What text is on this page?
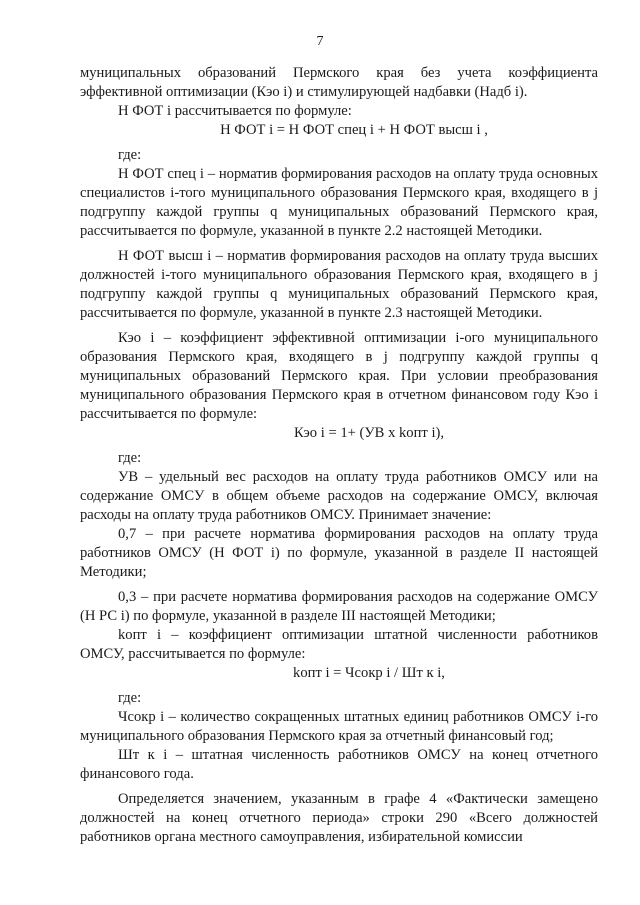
7

муниципальных образований Пермского края без учета коэффициента эффективной оптимизации (Кэо i) и стимулирующей надбавки (Надб i).

Н ФОТ i рассчитывается по формуле:

Н ФОТ i = Н ФОТ спец i + Н ФОТ высш i ,

где:

Н ФОТ спец i – норматив формирования расходов на оплату труда основных специалистов i-того муниципального образования Пермского края, входящего в j подгруппу каждой группы q муниципальных образований Пермского края, рассчитывается по формуле, указанной в пункте 2.2 настоящей Методики.

Н ФОТ высш i – норматив формирования расходов на оплату труда высших должностей i-того муниципального образования Пермского края, входящего в j подгруппу каждой группы q муниципальных образований Пермского края, рассчитывается по формуле, указанной в пункте 2.3 настоящей Методики.

Кэо i – коэффициент эффективной оптимизации i-ого муниципального образования Пермского края, входящего в j подгруппу каждой группы q муниципальных образований Пермского края. При условии преобразования муниципального образования Пермского края в отчетном финансовом году Кэо i рассчитывается по формуле:

Кэо i = 1+ (УВ х kопт i),

где:

УВ – удельный вес расходов на оплату труда работников ОМСУ или на содержание ОМСУ в общем объеме расходов на содержание ОМСУ, включая расходы на оплату труда работников ОМСУ. Принимает значение:

0,7 – при расчете норматива формирования расходов на оплату труда работников ОМСУ (Н ФОТ i) по формуле, указанной в разделе II настоящей Методики;

0,3 – при расчете норматива формирования расходов на содержание ОМСУ (Н РС i) по формуле, указанной в разделе III настоящей Методики;

kопт i – коэффициент оптимизации штатной численности работников ОМСУ, рассчитывается по формуле:

kопт i = Чсокр i / Шт к i,

где:

Чсокр i – количество сокращенных штатных единиц работников ОМСУ i-го муниципального образования Пермского края за отчетный финансовый год;

Шт к i – штатная численность работников ОМСУ на конец отчетного финансового года.

Определяется значением, указанным в графе 4 «Фактически замещено должностей на конец отчетного периода» строки 290 «Всего должностей работников органа местного самоуправления, избирательной комиссии
